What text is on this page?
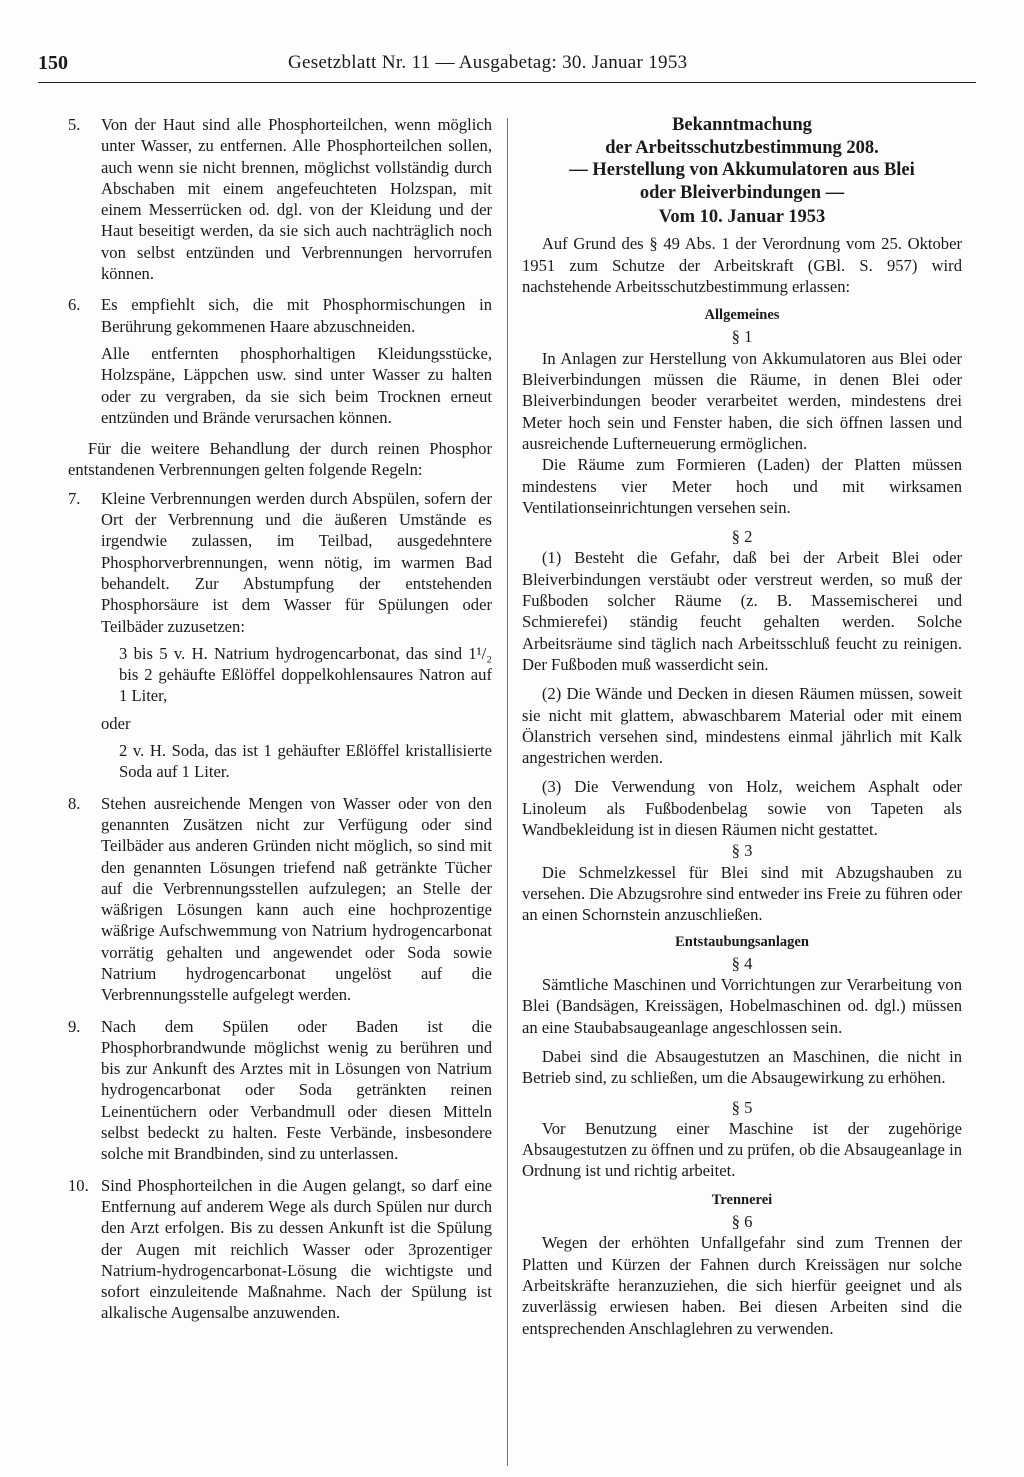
150	Gesetzblatt Nr. 11 — Ausgabetag: 30. Januar 1953
5.	Von der Haut sind alle Phosphorteilchen, wenn möglich unter Wasser, zu entfernen. Alle Phosphorteilchen sollen, auch wenn sie nicht brennen, möglichst vollständig durch Abschaben mit einem angefeuchteten Holzspan, mit einem Messerrücken od. dgl. von der Kleidung und der Haut beseitigt werden, da sie sich auch nachträglich noch von selbst entzünden und Verbrennungen hervorrufen können.

6.	Es empfiehlt sich, die mit Phosphormischungen in Berührung gekommenen Haare abzuschneiden.

Alle entfernten phosphorhaltigen Kleidungsstücke, Holzspäne, Läppchen usw. sind unter Wasser zu halten oder zu vergraben, da sie sich beim Trocknen erneut entzünden und Brände verursachen können.

Für die weitere Behandlung der durch reinen Phosphor entstandenen Verbrennungen gelten folgende Regeln:

7.	Kleine Verbrennungen werden durch Abspülen, sofern der Ort der Verbrennung und die äußeren Umstände es irgendwie zulassen, im Teilbad, ausgedehntere Phosphorverbrennungen, wenn nötig, im warmen Bad behandelt. Zur Abstumpfung der entstehenden Phosphorsäure ist dem Wasser für Spülungen oder Teilbäder zuzusetzen:

3 bis 5 v. H. Natrium hydrogencarbonat, das sind 1¹/₂ bis 2 gehäufte Eßlöffel doppelkohlensaures Natron auf 1 Liter,

oder

2 v. H. Soda, das ist 1 gehäufter Eßlöffel kristallisierte Soda auf 1 Liter.

8.	Stehen ausreichende Mengen von Wasser oder von den genannten Zusätzen nicht zur Verfügung oder sind Teilbäder aus anderen Gründen nicht möglich, so sind mit den genannten Lösungen triefend naß getränkte Tücher auf die Verbrennungsstellen aufzulegen; an Stelle der wäßrigen Lösungen kann auch eine hochprozentige wäßrige Aufschwemmung von Natrium hydrogencarbonat vorrätig gehalten und angewendet oder Soda sowie Natrium hydrogencarbonat ungelöst auf die Verbrennungsstelle aufgelegt werden.

9.	Nach dem Spülen oder Baden ist die Phosphorbrandwunde möglichst wenig zu berühren und bis zur Ankunft des Arztes mit in Lösungen von Natrium hydrogencarbonat oder Soda getränkten reinen Leinentüchern oder Verbandmull oder diesen Mitteln selbst bedeckt zu halten. Feste Verbände, insbesondere solche mit Brandbinden, sind zu unterlassen.

10. Sind Phosphorteilchen in die Augen gelangt, so darf eine Entfernung auf anderem Wege als durch Spülen nur durch den Arzt erfolgen. Bis zu dessen Ankunft ist die Spülung der Augen mit reichlich Wasser oder 3prozentiger Natrium-hydrogencarbonat-Lösung die wichtigste und sofort einzuleitende Maßnahme. Nach der Spülung ist alkalische Augensalbe anzuwenden.

Bekanntmachung
der Arbeitsschutzbestimmung 208.
— Herstellung von Akkumulatoren aus Blei
oder Bleiverbindungen —
Vom 10. Januar 1953

Auf Grund des § 49 Abs. 1 der Verordnung vom 25. Oktober 1951 zum Schutze der Arbeitskraft (GBl. S. 957) wird nachstehende Arbeitsschutzbestimmung erlassen:

Allgemeines
§ 1

In Anlagen zur Herstellung von Akkumulatoren aus Blei oder Bleiverbindungen müssen die Räume, in denen Blei oder Bleiverbindungen beoder verarbeitet werden, mindestens drei Meter hoch sein und Fenster haben, die sich öffnen lassen und ausreichende Lufterneuerung ermöglichen.

Die Räume zum Formieren (Laden) der Platten müssen mindestens vier Meter hoch und mit wirksamen Ventilationseinrichtungen versehen sein.

§ 2

(1) Besteht die Gefahr, daß bei der Arbeit Blei oder Bleiverbindungen verstäubt oder verstreut werden, so muß der Fußboden solcher Räume (z. B. Massemischerei und Schmierefei) ständig feucht gehalten werden. Solche Arbeitsräume sind täglich nach Arbeitsschluß feucht zu reinigen. Der Fußboden muß wasserdicht sein.

(2) Die Wände und Decken in diesen Räumen müssen, soweit sie nicht mit glattem, abwaschbarem Material oder mit einem Ölanstrich versehen sind, mindestens einmal jährlich mit Kalk angestrichen werden.

(3) Die Verwendung von Holz, weichem Asphalt oder Linoleum als Fußbodenbelag sowie von Tapeten als Wandbekleidung ist in diesen Räumen nicht gestattet.

§ 3

Die Schmelzkessel für Blei sind mit Abzugshauben zu versehen. Die Abzugsrohre sind entweder ins Freie zu führen oder an einen Schornstein anzuschließen.

Entstaubungsanlagen
§ 4

Sämtliche Maschinen und Vorrichtungen zur Verarbeitung von Blei (Bandsägen, Kreissägen, Hobelmaschinen od. dgl.) müssen an eine Staubabsaugeanlage angeschlossen sein.

Dabei sind die Absaugestutzen an Maschinen, die nicht in Betrieb sind, zu schließen, um die Absaugewirkung zu erhöhen.

§ 5

Vor Benutzung einer Maschine ist der zugehörige Absaugestutzen zu öffnen und zu prüfen, ob die Absaugeanlage in Ordnung ist und richtig arbeitet.

Trennerei
§ 6

Wegen der erhöhten Unfallgefahr sind zum Trennen der Platten und Kürzen der Fahnen durch Kreissägen nur solche Arbeitskräfte heranzuziehen, die sich hierfür geeignet und als zuverlässig erwiesen haben. Bei diesen Arbeiten sind die entsprechenden Anschlaglehren zu verwenden.
